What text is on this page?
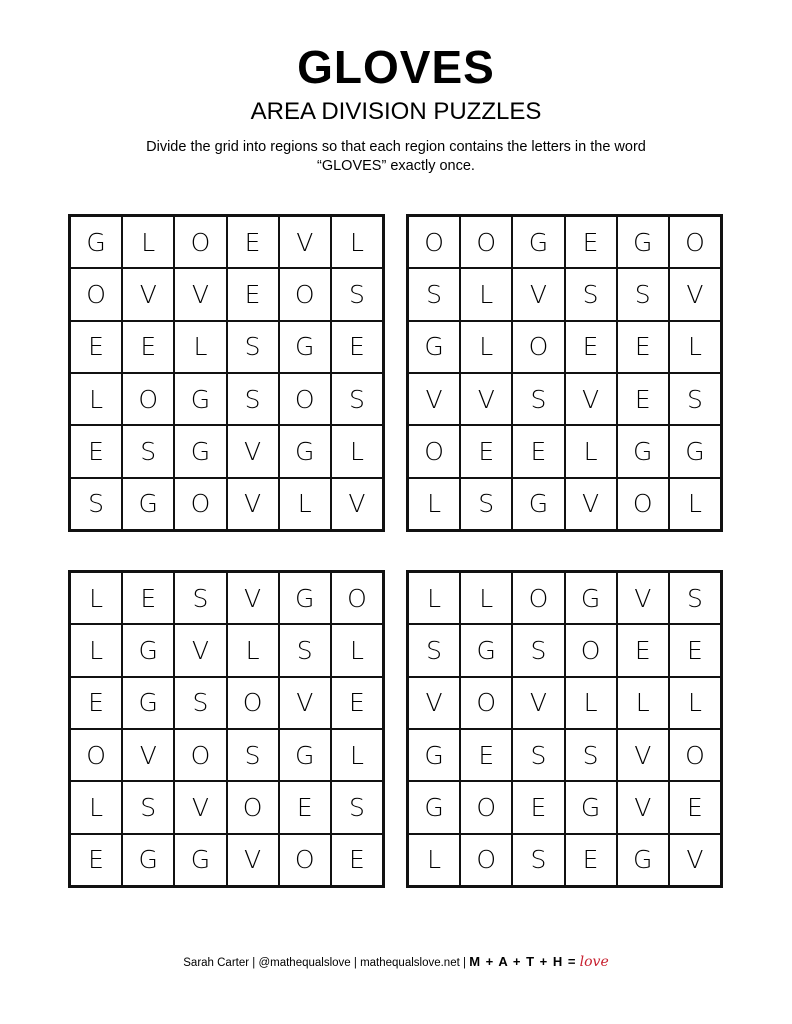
GLOVES
AREA DIVISION PUZZLES
Divide the grid into regions so that each region contains the letters in the word “GLOVES” exactly once.
G	L	O	E	V	L
O	V	V	E	O	S
E	E	L	S	G	E
L	O	G	S	O	S
E	S	G	V	G	L
S	G	O	V	L	V
O	O	G	E	G	O
S	L	V	S	S	V
G	L	O	E	E	L
V	V	S	V	E	S
O	E	E	L	G	G
L	S	G	V	O	L
L	E	S	V	G	O
L	G	V	L	S	L
E	G	S	O	V	E
O	V	O	S	G	L
L	S	V	O	E	S
E	G	G	V	O	E
L	L	O	G	V	S
S	G	S	O	E	E
V	O	V	L	L	L
G	E	S	S	V	O
G	O	E	G	V	E
L	O	S	E	G	V
Sarah Carter | @mathequalslove | mathequalslove.net | M + A + T + H = love
